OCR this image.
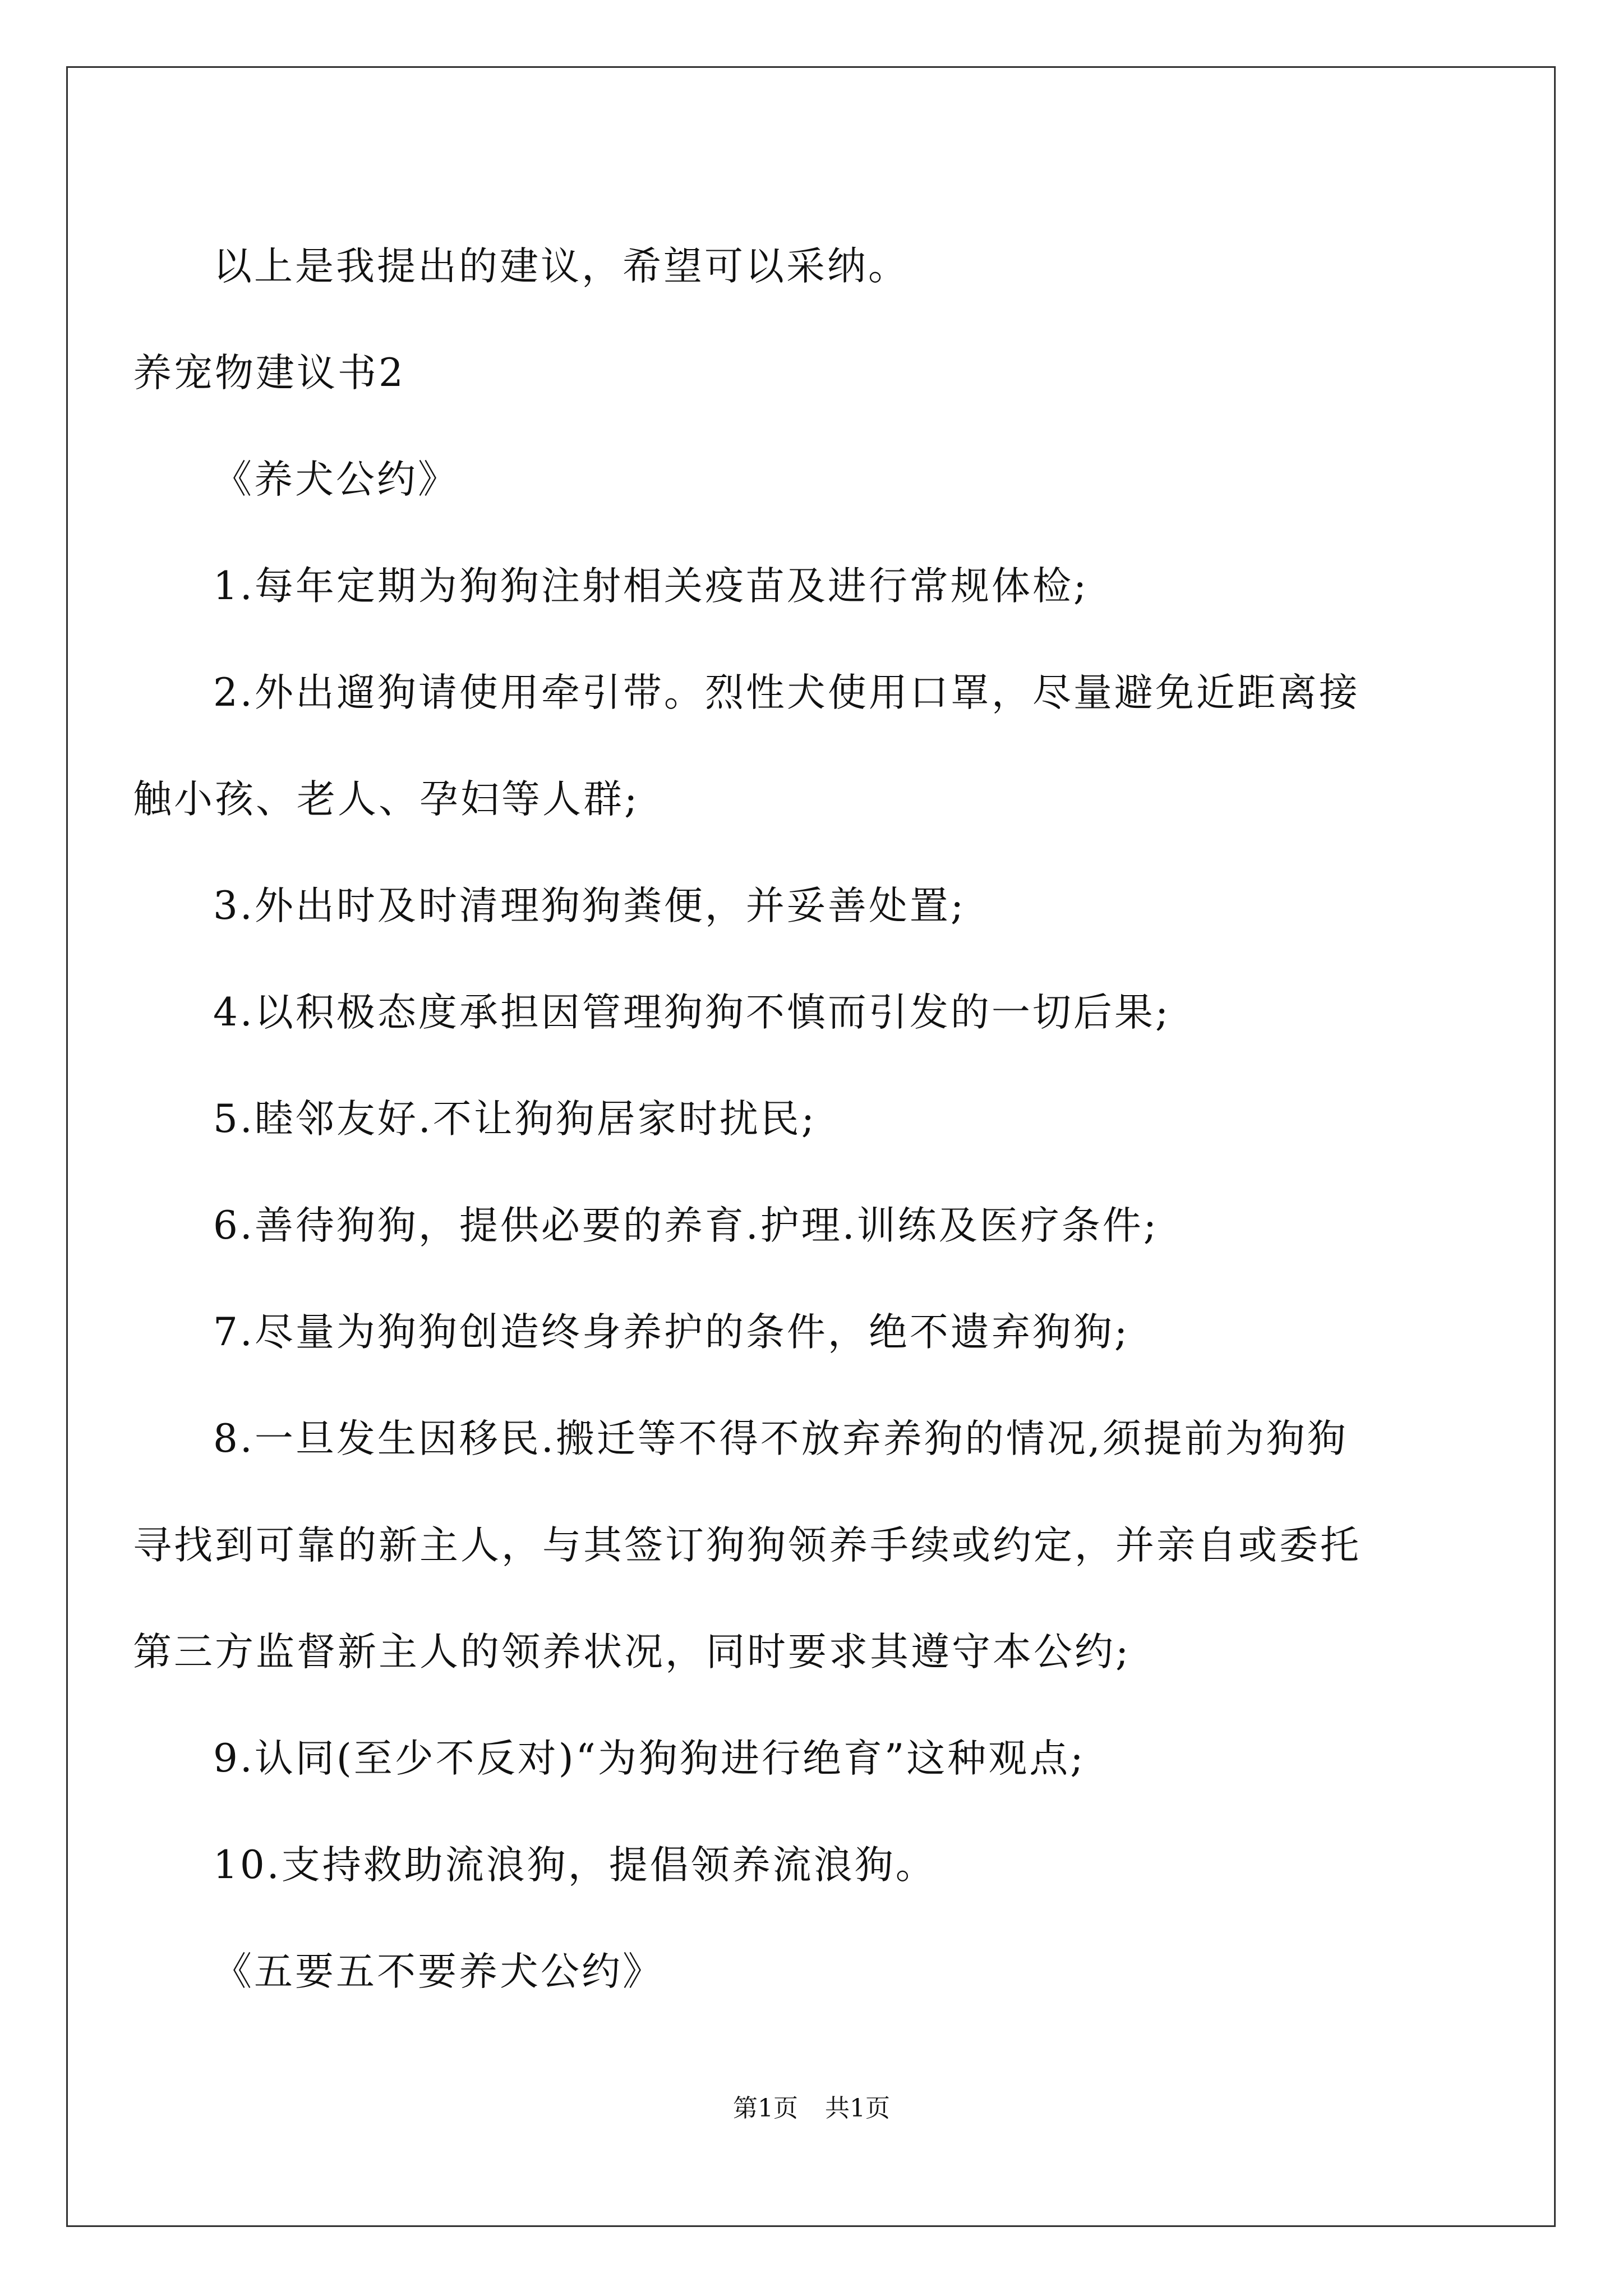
以上是我提出的建议，希望可以采纳。

养宠物建议书2

《养犬公约》

1.每年定期为狗狗注射相关疫苗及进行常规体检;

2.外出遛狗请使用牵引带。烈性犬使用口罩，尽量避免近距离接

触小孩、老人、孕妇等人群;

3.外出时及时清理狗狗粪便，并妥善处置;

4.以积极态度承担因管理狗狗不慎而引发的一切后果;

5.睦邻友好.不让狗狗居家时扰民;

6.善待狗狗，提供必要的养育.护理.训练及医疗条件;

7.尽量为狗狗创造终身养护的条件，绝不遗弃狗狗;

8.一旦发生因移民.搬迁等不得不放弃养狗的情况,须提前为狗狗

寻找到可靠的新主人，与其签订狗狗领养手续或约定，并亲自或委托

第三方监督新主人的领养状况，同时要求其遵守本公约;

9.认同(至少不反对)“为狗狗进行绝育”这种观点;

10.支持救助流浪狗，提倡领养流浪狗。

《五要五不要养犬公约》

第1页 共1页
